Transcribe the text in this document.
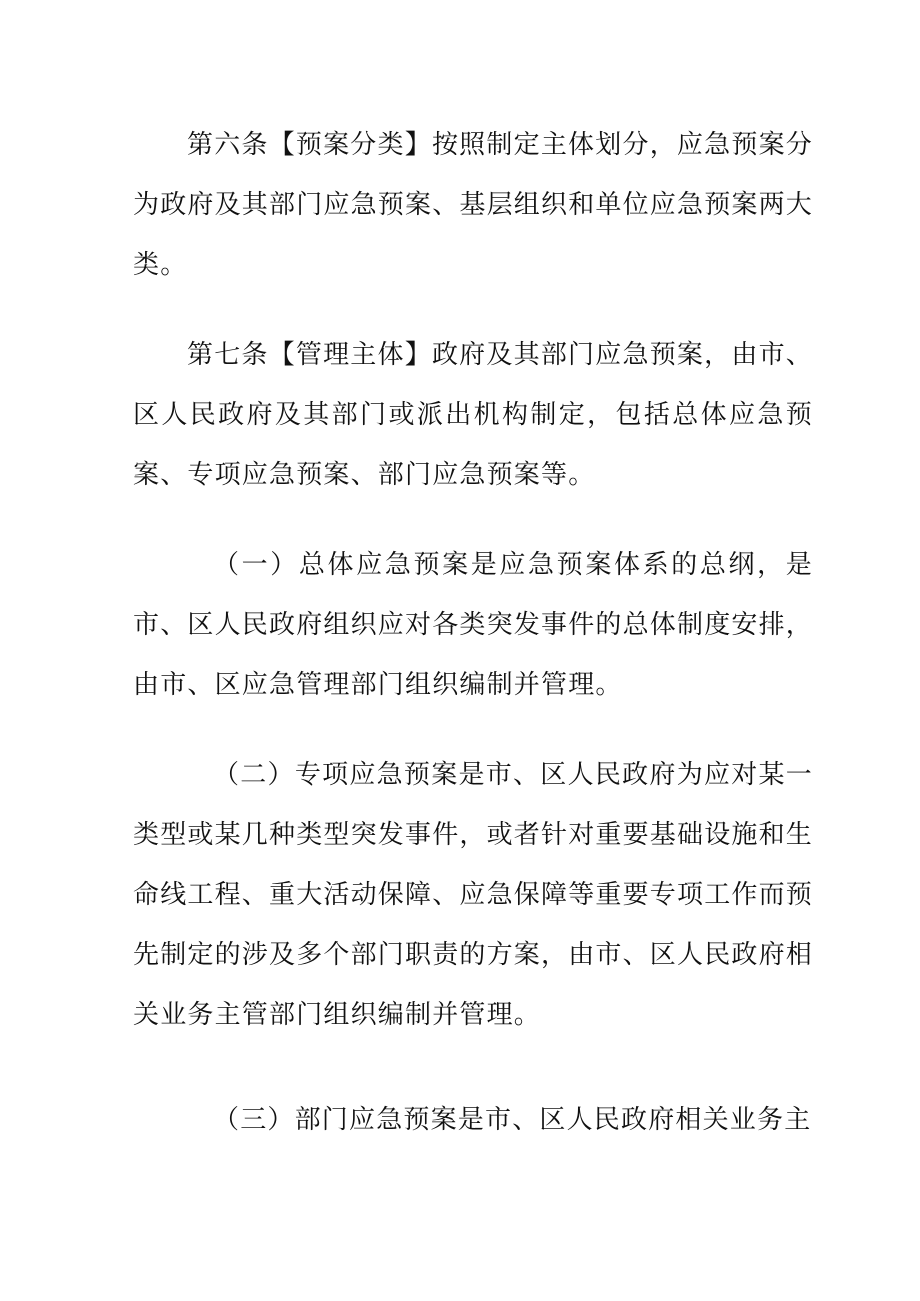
第六条【预案分类】按照制定主体划分，应急预案分为政府及其部门应急预案、基层组织和单位应急预案两大类。

第七条【管理主体】政府及其部门应急预案，由市、区人民政府及其部门或派出机构制定，包括总体应急预案、专项应急预案、部门应急预案等。

（一）总体应急预案是应急预案体系的总纲，是市、区人民政府组织应对各类突发事件的总体制度安排，由市、区应急管理部门组织编制并管理。

（二）专项应急预案是市、区人民政府为应对某一类型或某几种类型突发事件，或者针对重要基础设施和生命线工程、重大活动保障、应急保障等重要专项工作而预先制定的涉及多个部门职责的方案，由市、区人民政府相关业务主管部门组织编制并管理。

（三）部门应急预案是市、区人民政府相关业务主
